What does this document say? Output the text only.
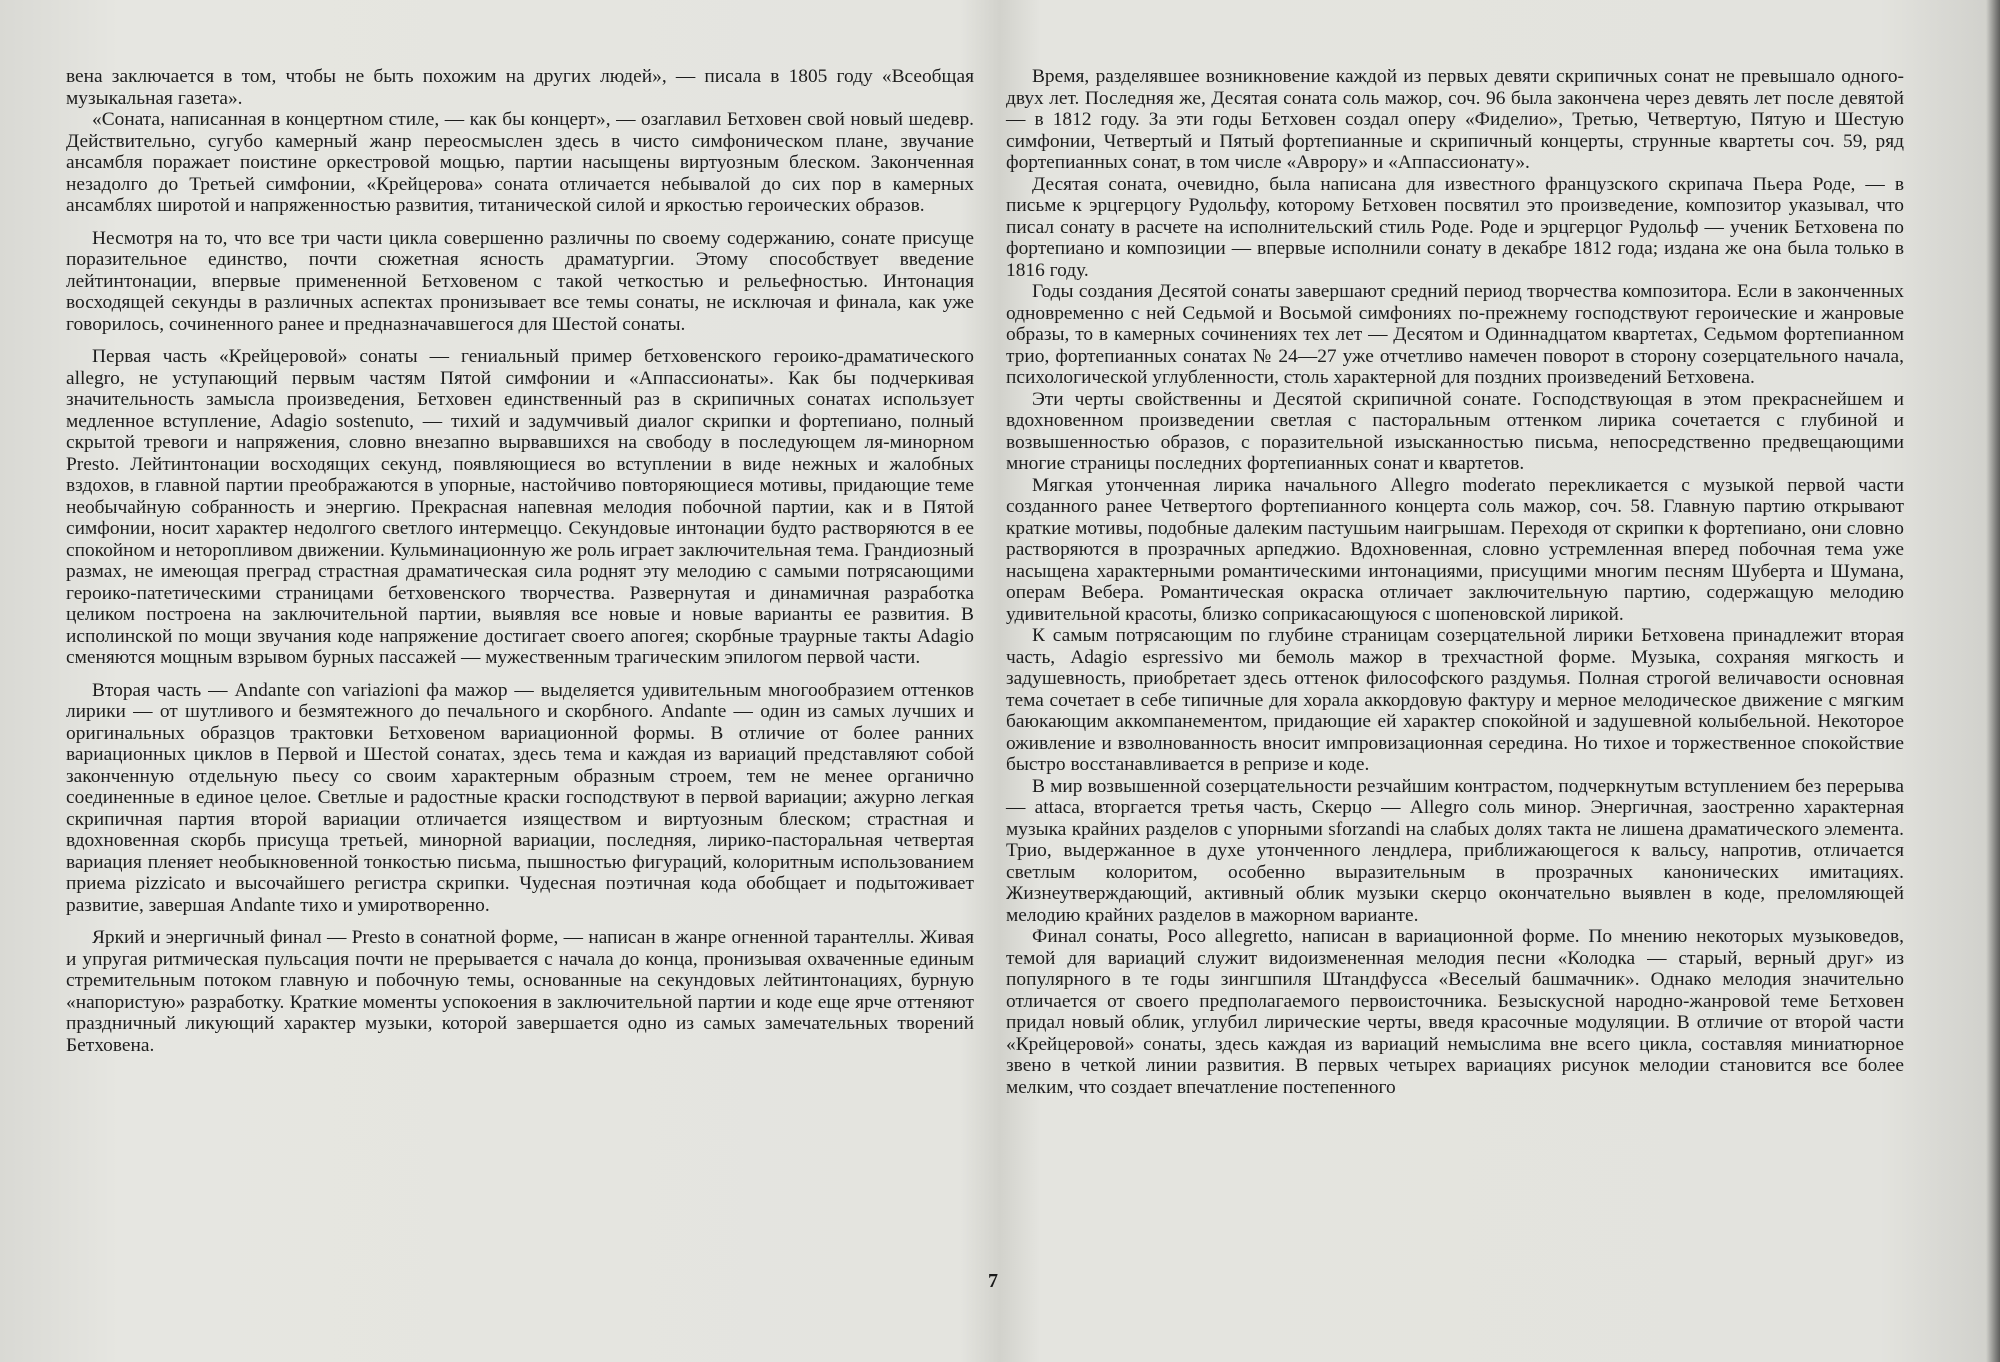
вена заключается в том, чтобы не быть похожим на других людей», — писала в 1805 году «Всеобщая музыкальная газета».

«Соната, написанная в концертном стиле, — как бы концерт», — озаглавил Бетховен свой новый шедевр. Действительно, сугубо камерный жанр переосмыслен здесь в чисто симфоническом плане, звучание ансамбля поражает поистине оркестровой мощью, партии насыщены виртуозным блеском. Законченная незадолго до Третьей симфонии, «Крейцерова» соната отличается небывалой до сих пор в камерных ансамблях широтой и напряженностью развития, титанической силой и яркостью героических образов.

Несмотря на то, что все три части цикла совершенно различны по своему содержанию, сонате присуще поразительное единство, почти сюжетная ясность драматургии. Этому способствует введение лейтинтонации, впервые примененной Бетховеном с такой четкостью и рельефностью. Интонация восходящей секунды в различных аспектах пронизывает все темы сонаты, не исключая и финала, как уже говорилось, сочиненного ранее и предназначавшегося для Шестой сонаты.

Первая часть «Крейцеровой» сонаты — гениальный пример бетховенского героико-драматического allegro, не уступающий первым частям Пятой симфонии и «Аппассионаты». Как бы подчеркивая значительность замысла произведения, Бетховен единственный раз в скрипичных сонатах использует медленное вступление, Adagio sostenuto, — тихий и задумчивый диалог скрипки и фортепиано, полный скрытой тревоги и напряжения, словно внезапно вырвавшихся на свободу в последующем ля-минорном Presto. Лейтинтонации восходящих секунд, появляющиеся во вступлении в виде нежных и жалобных вздохов, в главной партии преображаются в упорные, настойчиво повторяющиеся мотивы, придающие теме необычайную собранность и энергию. Прекрасная напевная мелодия побочной партии, как и в Пятой симфонии, носит характер недолгого светлого интермеццо. Секундовые интонации будто растворяются в ее спокойном и неторопливом движении. Кульминационную же роль играет заключительная тема. Грандиозный размах, не имеющая преград страстная драматическая сила роднят эту мелодию с самыми потрясающими героико-патетическими страницами бетховенского творчества. Развернутая и динамичная разработка целиком построена на заключительной партии, выявляя все новые и новые варианты ее развития. В исполинской по мощи звучания коде напряжение достигает своего апогея; скорбные траурные такты Adagio сменяются мощным взрывом бурных пассажей — мужественным трагическим эпилогом первой части.

Вторая часть — Andante con variazioni фа мажор — выделяется удивительным многообразием оттенков лирики — от шутливого и безмятежного до печального и скорбного. Andante — один из самых лучших и оригинальных образцов трактовки Бетховеном вариационной формы. В отличие от более ранних вариационных циклов в Первой и Шестой сонатах, здесь тема и каждая из вариаций представляют собой законченную отдельную пьесу со своим характерным образным строем, тем не менее органично соединенные в единое целое. Светлые и радостные краски господствуют в первой вариации; ажурно легкая скрипичная партия второй вариации отличается изяществом и виртуозным блеском; страстная и вдохновенная скорбь присуща третьей, минорной вариации, последняя, лирико-пасторальная четвертая вариация пленяет необыкновенной тонкостью письма, пышностью фигураций, колоритным использованием приема pizzicato и высочайшего регистра скрипки. Чудесная поэтичная кода обобщает и подытоживает развитие, завершая Andante тихо и умиротворенно.

Яркий и энергичный финал — Presto в сонатной форме, — написан в жанре огненной тарантеллы. Живая и упругая ритмическая пульсация почти не прерывается с начала до конца, пронизывая охваченные единым стремительным потоком главную и побочную темы, основанные на секундовых лейтинтонациях, бурную «напористую» разработку. Краткие моменты успокоения в заключительной партии и коде еще ярче оттеняют праздничный ликующий характер музыки, которой завершается одно из самых замечательных творений Бетховена.

Время, разделявшее возникновение каждой из первых девяти скрипичных сонат не превышало одного-двух лет. Последняя же, Десятая соната соль мажор, соч. 96 была закончена через девять лет после девятой — в 1812 году. За эти годы Бетховен создал оперу «Фиделио», Третью, Четвертую, Пятую и Шестую симфонии, Четвертый и Пятый фортепианные и скрипичный концерты, струнные квартеты соч. 59, ряд фортепианных сонат, в том числе «Аврору» и «Аппассионату».

Десятая соната, очевидно, была написана для известного французского скрипача Пьера Роде, — в письме к эрцгерцогу Рудольфу, которому Бетховен посвятил это произведение, композитор указывал, что писал сонату в расчете на исполнительский стиль Роде. Роде и эрцгерцог Рудольф — ученик Бетховена по фортепиано и композиции — впервые исполнили сонату в декабре 1812 года; издана же она была только в 1816 году.

Годы создания Десятой сонаты завершают средний период творчества композитора. Если в законченных одновременно с ней Седьмой и Восьмой симфониях по-прежнему господствуют героические и жанровые образы, то в камерных сочинениях тех лет — Десятом и Одиннадцатом квартетах, Седьмом фортепианном трио, фортепианных сонатах № 24—27 уже отчетливо намечен поворот в сторону созерцательного начала, психологической углубленности, столь характерной для поздних произведений Бетховена.

Эти черты свойственны и Десятой скрипичной сонате. Господствующая в этом прекраснейшем и вдохновенном произведении светлая с пасторальным оттенком лирика сочетается с глубиной и возвышенностью образов, с поразительной изысканностью письма, непосредственно предвещающими многие страницы последних фортепианных сонат и квартетов.

Мягкая утонченная лирика начального Allegro moderato перекликается с музыкой первой части созданного ранее Четвертого фортепианного концерта соль мажор, соч. 58. Главную партию открывают краткие мотивы, подобные далеким пастушьим наигрышам. Переходя от скрипки к фортепиано, они словно растворяются в прозрачных арпеджио. Вдохновенная, словно устремленная вперед побочная тема уже насыщена характерными романтическими интонациями, присущими многим песням Шуберта и Шумана, операм Вебера. Романтическая окраска отличает заключительную партию, содержащую мелодию удивительной красоты, близко соприкасающуюся с шопеновской лирикой.

К самым потрясающим по глубине страницам созерцательной лирики Бетховена принадлежит вторая часть, Adagio espressivo ми бемоль мажор в трехчастной форме. Музыка, сохраняя мягкость и задушевность, приобретает здесь оттенок философского раздумья. Полная строгой величавости основная тема сочетает в себе типичные для хорала аккордовую фактуру и мерное мелодическое движение с мягким баюкающим аккомпанементом, придающие ей характер спокойной и задушевной колыбельной. Некоторое оживление и взволнованность вносит импровизационная середина. Но тихое и торжественное спокойствие быстро восстанавливается в репризе и коде.

В мир возвышенной созерцательности резчайшим контрастом, подчеркнутым вступлением без перерыва — attaca, вторгается третья часть, Скерцо — Allegro соль минор. Энергичная, заостренно характерная музыка крайних разделов с упорными sforzandi на слабых долях такта не лишена драматического элемента. Трио, выдержанное в духе утонченного лендлера, приближающегося к вальсу, напротив, отличается светлым колоритом, особенно выразительным в прозрачных канонических имитациях. Жизнеутверждающий, активный облик музыки скерцо окончательно выявлен в коде, преломляющей мелодию крайних разделов в мажорном варианте.

Финал сонаты, Poco allegretto, написан в вариационной форме. По мнению некоторых музыковедов, темой для вариаций служит видоизмененная мелодия песни «Колодка — старый, верный друг» из популярного в те годы зингшпиля Штандфусса «Веселый башмачник». Однако мелодия значительно отличается от своего предполагаемого первоисточника. Безыскусной народно-жанровой теме Бетховен придал новый облик, углубил лирические черты, введя красочные модуляции. В отличие от второй части «Крейцеровой» сонаты, здесь каждая из вариаций немыслима вне всего цикла, составляя миниатюрное звено в четкой линии развития. В первых четырех вариациях рисунок мелодии становится все более мелким, что создает впечатление постепенного

7
